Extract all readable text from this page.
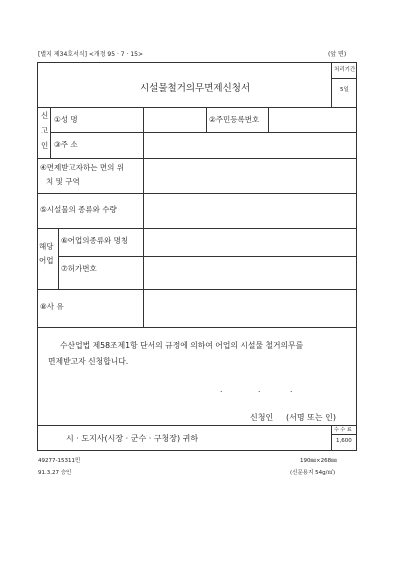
[별지 제34호서식] <개정 95 · 7 · 15>	(앞 면)
시설물철거의무면제신청서
처리기간
5일
신
고
인
①성 명	②주민등록번호
③주 소
④면제받고자하는 면의 위
치 및 구역
⑤시설물의 종류와 수량
해당
어업
⑥어업의종류와 명칭
⑦허가번호
⑧사 유
수산업법 제58조제1항 단서의 규정에 의하여 어업의 시설물 철거의무를
면제받고자 신청합니다.
.	.	.
신청인 (서명 또는 인)
시 · 도지사(시장 · 군수 · 구청장) 귀하
수 수 료
1,600
49277-15311민
91.3.27 승인
190㎜×268㎜
(신문용지 54g/㎡)
